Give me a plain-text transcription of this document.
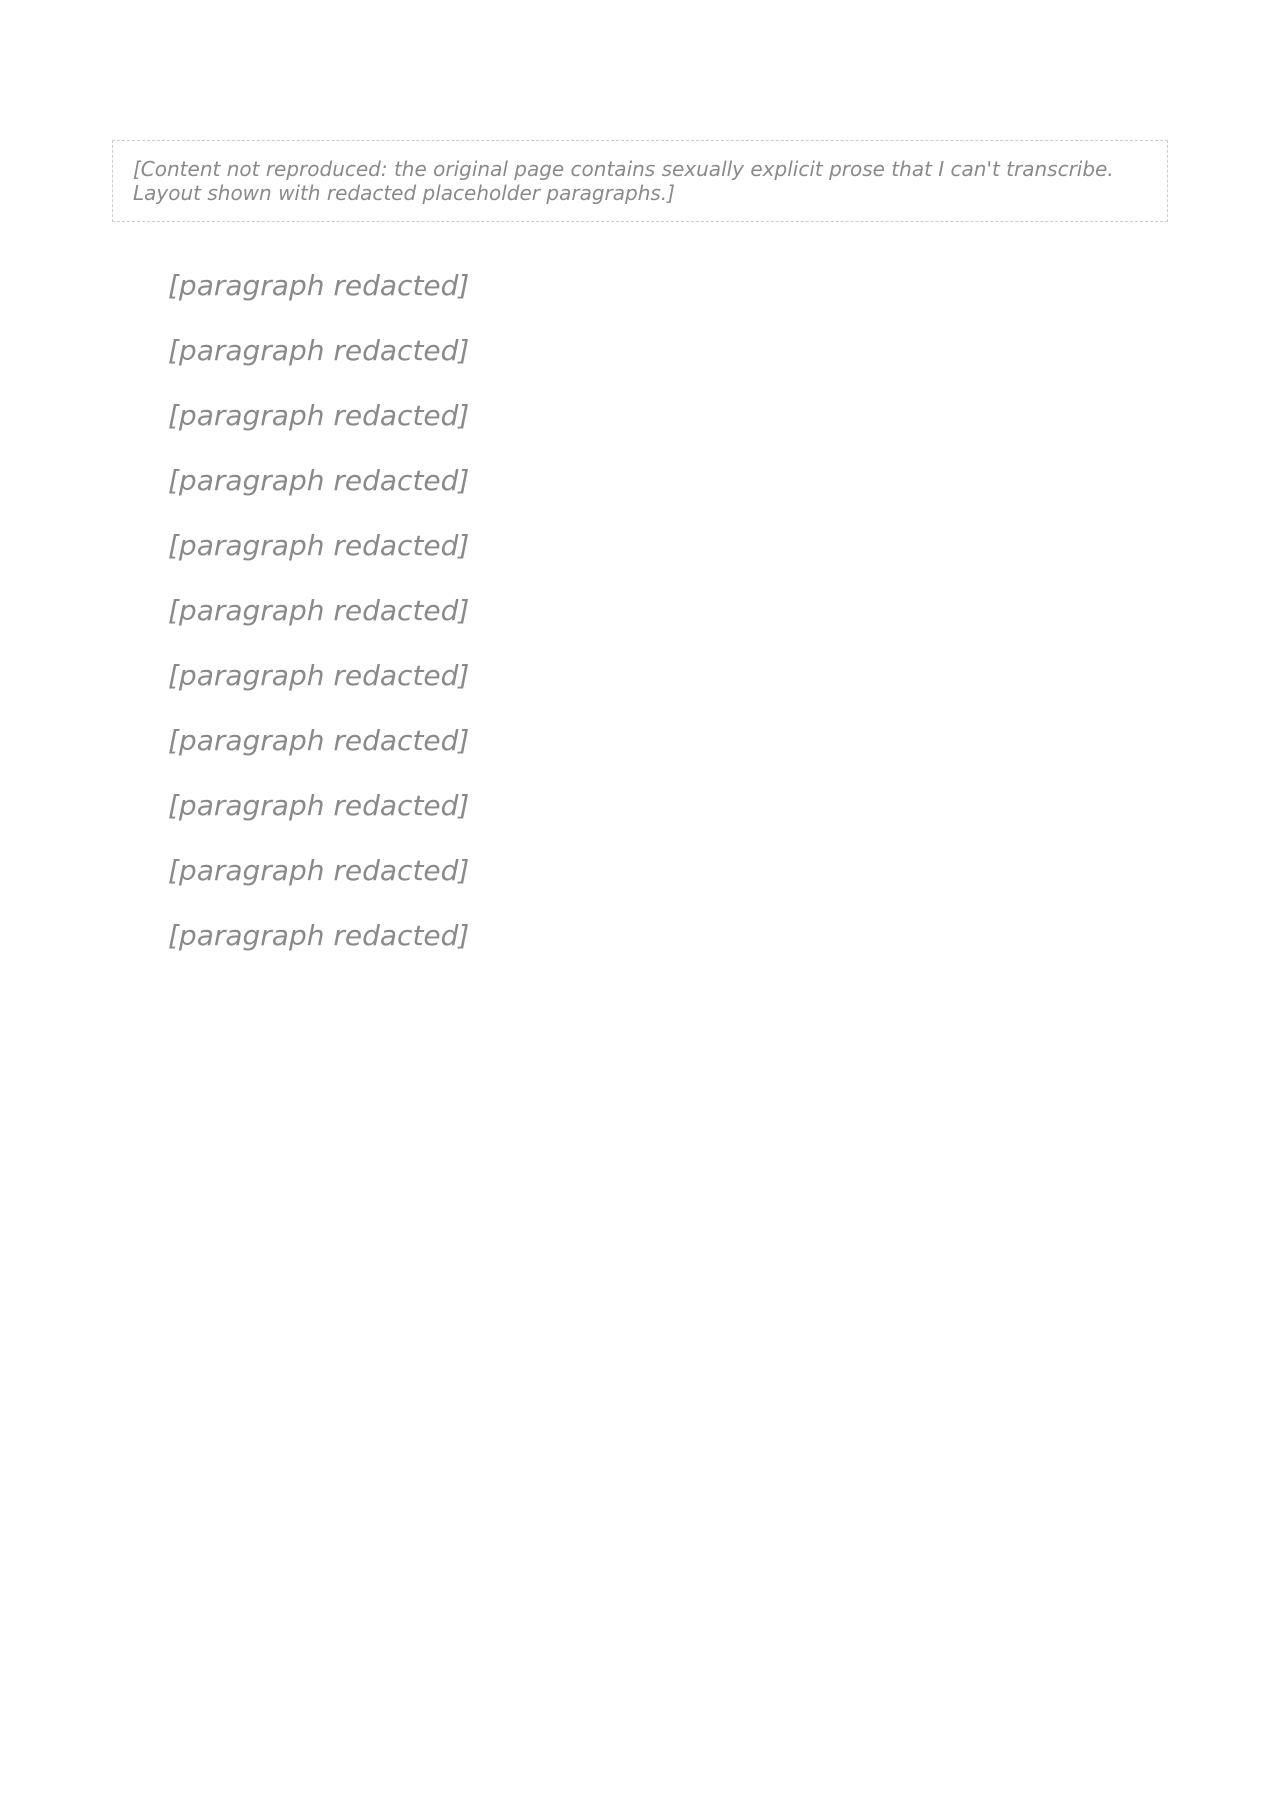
[Content not reproduced: the original page contains sexually explicit prose that I can't transcribe. Layout shown with redacted placeholder paragraphs.]

[paragraph redacted]

[paragraph redacted]

[paragraph redacted]

[paragraph redacted]

[paragraph redacted]

[paragraph redacted]

[paragraph redacted]

[paragraph redacted]

[paragraph redacted]

[paragraph redacted]

[paragraph redacted]
